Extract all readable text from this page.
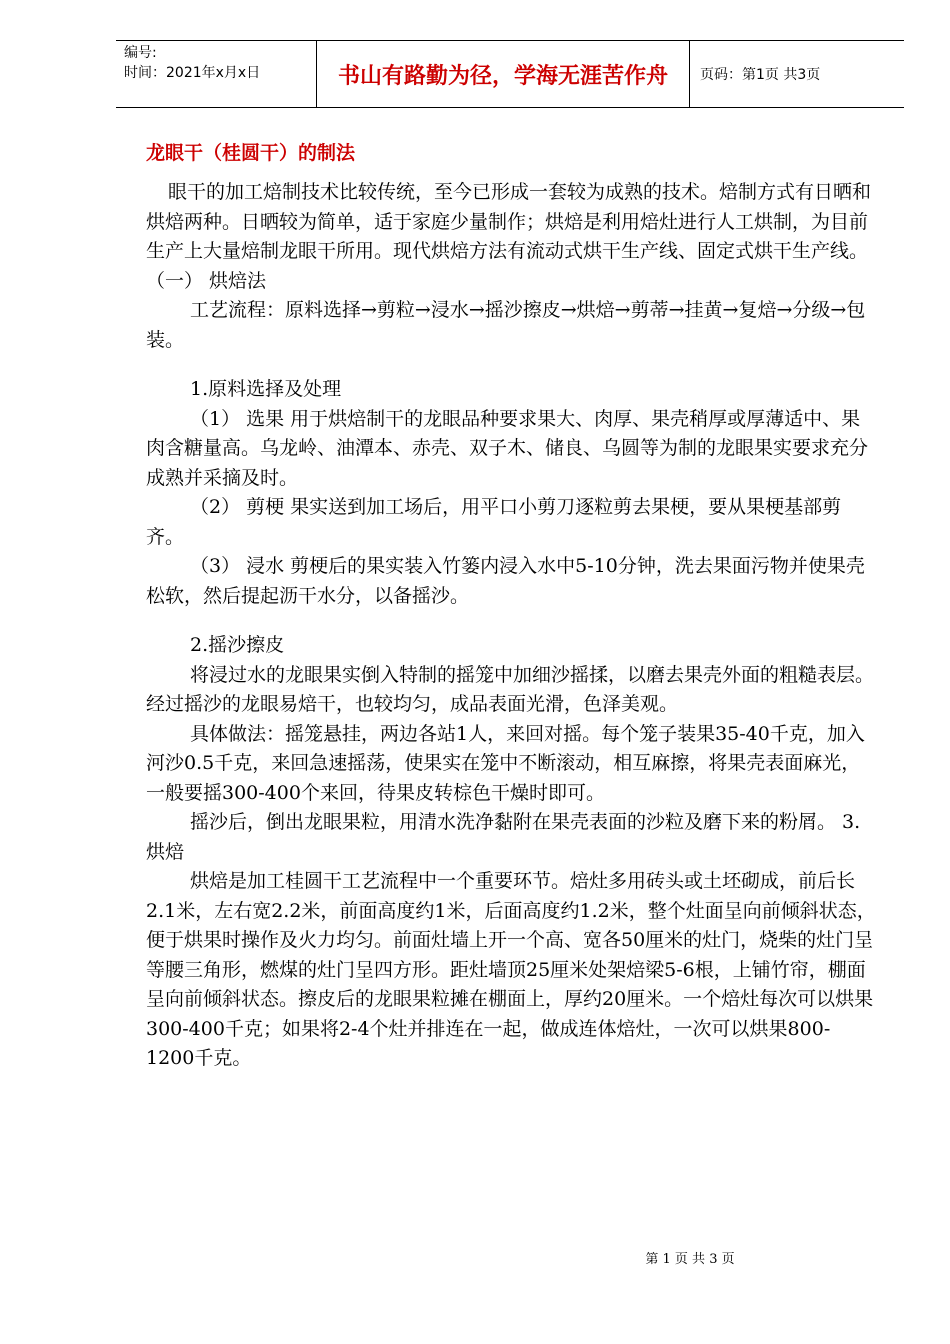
编号:
时间：2021年x月x日	书山有路勤为径，学海无涯苦作舟	页码：第1页 共3页
龙眼干（桂圆干）的制法

眼干的加工焙制技术比较传统，至今已形成一套较为成熟的技术。焙制方式有日晒和烘焙两种。日晒较为简单，适于家庭少量制作；烘焙是利用焙灶进行人工烘制，为目前生产上大量焙制龙眼干所用。现代烘焙方法有流动式烘干生产线、固定式烘干生产线。

（一） 烘焙法

工艺流程：原料选择→剪粒→浸水→摇沙擦皮→烘焙→剪蒂→挂黄→复焙→分级→包装。

1.原料选择及处理

（1） 选果 用于烘焙制干的龙眼品种要求果大、肉厚、果壳稍厚或厚薄适中、果肉含糖量高。乌龙岭、油潭本、赤壳、双子木、储良、乌圆等为制的龙眼果实要求充分成熟并采摘及时。

（2） 剪梗 果实送到加工场后，用平口小剪刀逐粒剪去果梗，要从果梗基部剪齐。

（3） 浸水 剪梗后的果实装入竹篓内浸入水中5-10分钟，洗去果面污物并使果壳松软，然后提起沥干水分，以备摇沙。

2.摇沙擦皮

将浸过水的龙眼果实倒入特制的摇笼中加细沙摇揉，以磨去果壳外面的粗糙表层。经过摇沙的龙眼易焙干，也较均匀，成品表面光滑，色泽美观。

具体做法：摇笼悬挂，两边各站1人，来回对摇。每个笼子装果35-40千克，加入河沙0.5千克，来回急速摇荡，使果实在笼中不断滚动，相互麻擦，将果壳表面麻光，一般要摇300-400个来回，待果皮转棕色干燥时即可。

摇沙后，倒出龙眼果粒，用清水洗净黏附在果壳表面的沙粒及磨下来的粉屑。 3.烘焙

烘焙是加工桂圆干工艺流程中一个重要环节。焙灶多用砖头或土坯砌成，前后长2.1米，左右宽2.2米，前面高度约1米，后面高度约1.2米，整个灶面呈向前倾斜状态，便于烘果时操作及火力均匀。前面灶墙上开一个高、宽各50厘米的灶门，烧柴的灶门呈等腰三角形，燃煤的灶门呈四方形。距灶墙顶25厘米处架焙梁5-6根，上铺竹帘，棚面呈向前倾斜状态。擦皮后的龙眼果粒摊在棚面上，厚约20厘米。一个焙灶每次可以烘果300-400千克；如果将2-4个灶并排连在一起，做成连体焙灶，一次可以烘果800-1200千克。

第 1 页 共 3 页
